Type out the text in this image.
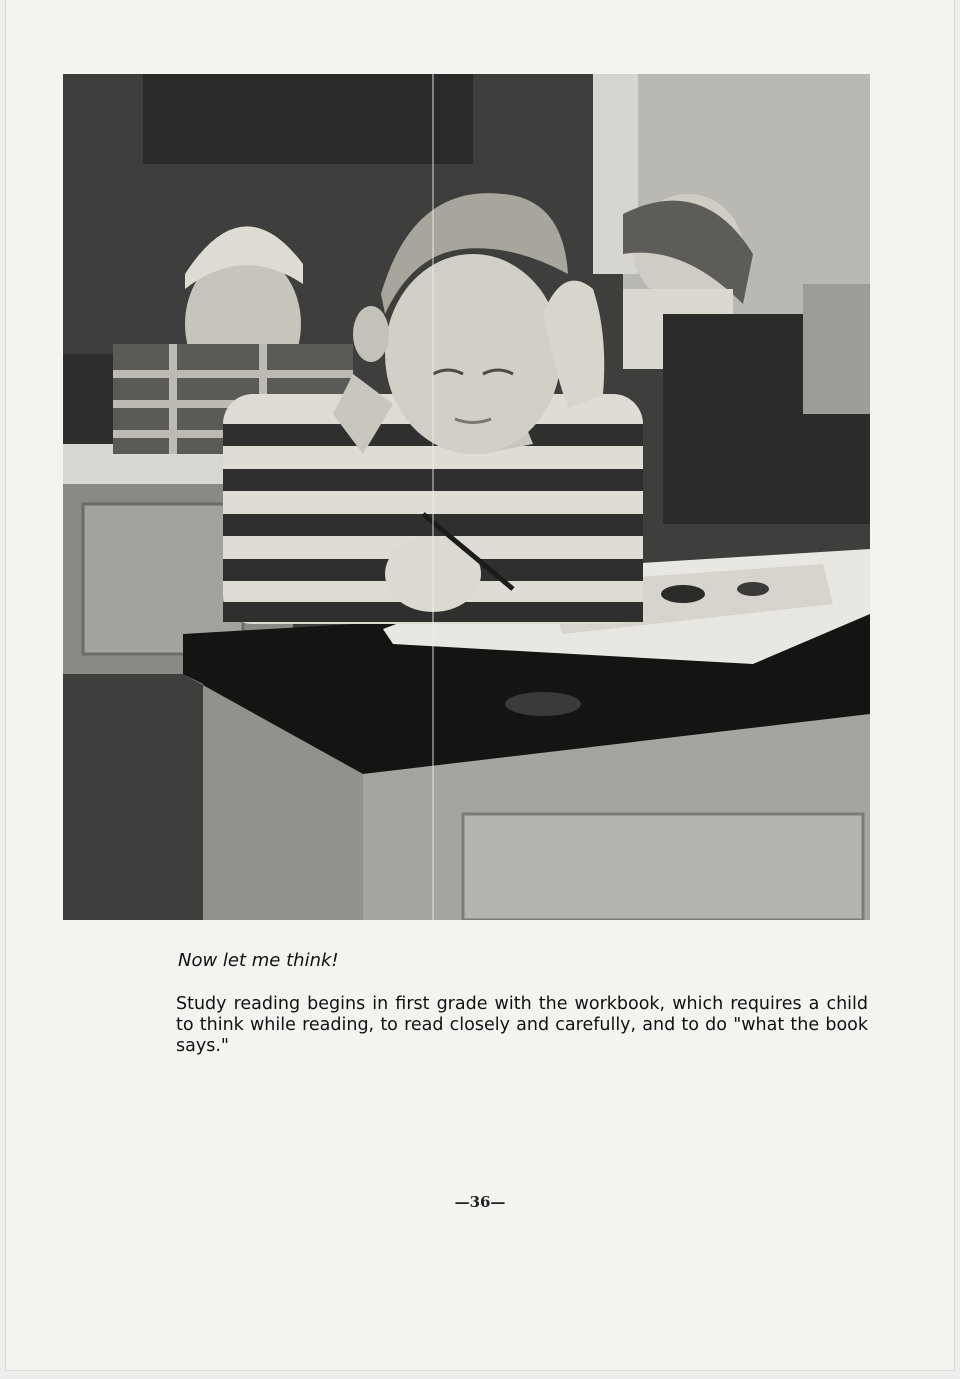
Now let me think!

Study reading begins in first grade with the workbook, which requires a child to think while reading, to read closely and carefully, and to do "what the book says."

—36—
